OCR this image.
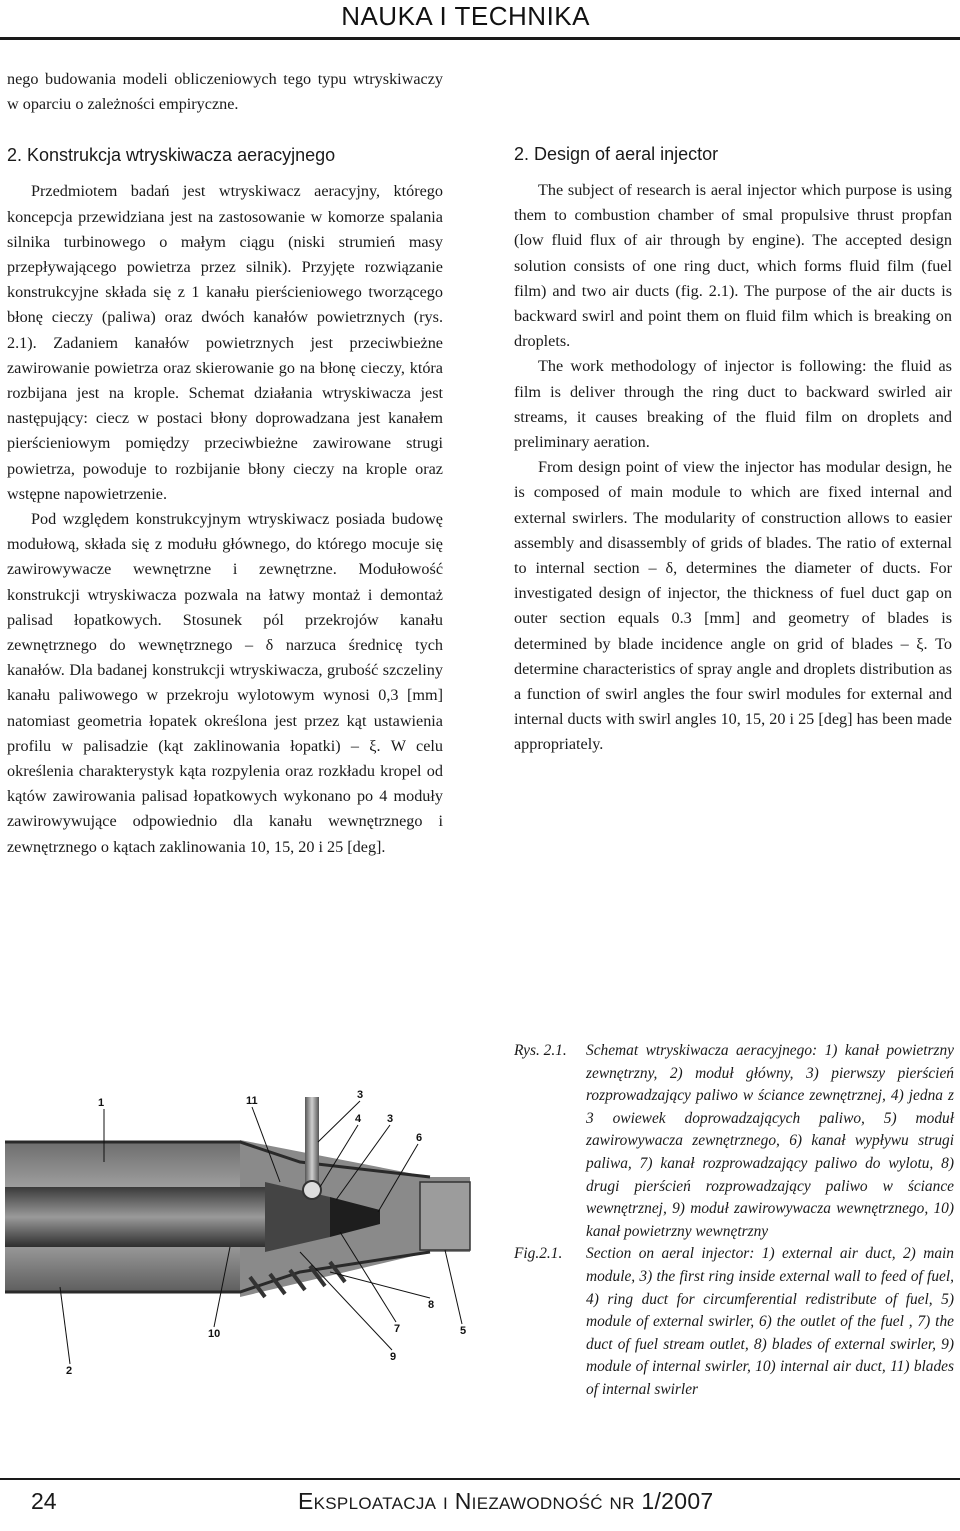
NAUKA I TECHNIKA

nego budowania modeli obliczeniowych tego typu wtryskiwaczy w oparciu o zależności empiryczne.

2. Konstrukcja wtryskiwacza aeracyjnego

Przedmiotem badań jest wtryskiwacz aeracyjny, którego koncepcja przewidziana jest na zastosowanie w komorze spalania silnika turbinowego o małym ciągu (niski strumień masy przepływającego powietrza przez silnik). Przyjęte rozwiązanie konstrukcyjne składa się z 1 kanału pierścieniowego tworzącego błonę cieczy (paliwa) oraz dwóch kanałów powietrznych (rys. 2.1). Zadaniem kanałów powietrznych jest przeciwbieżne zawirowanie powietrza oraz skierowanie go na błonę cieczy, która rozbijana jest na krople. Schemat działania wtryskiwacza jest następujący: ciecz w postaci błony doprowadzana jest kanałem pierścieniowym pomiędzy przeciwbieżne zawirowane strugi powietrza, powoduje to rozbijanie błony cieczy na krople oraz wstępne napowietrzenie.

Pod względem konstrukcyjnym wtryskiwacz posiada budowę modułową, składa się z modułu głównego, do którego mocuje się zawirowywacze wewnętrzne i zewnętrzne. Modułowość konstrukcji wtryskiwacza pozwala na łatwy montaż i demontaż palisad łopatkowych. Stosunek pól przekrojów kanału zewnętrznego do wewnętrznego – δ narzuca średnicę tych kanałów. Dla badanej konstrukcji wtryskiwacza, grubość szczeliny kanału paliwowego w przekroju wylotowym wynosi 0,3 [mm] natomiast geometria łopatek określona jest przez kąt ustawienia profilu w palisadzie (kąt zaklinowania łopatki) – ξ. W celu określenia charakterystyk kąta rozpylenia oraz rozkładu kropel od kątów zawirowania palisad łopatkowych wykonano po 4 moduły zawirowywujące odpowiednio dla kanału wewnętrznego i zewnętrznego o kątach zaklinowania 10, 15, 20 i 25 [deg].

2. Design of aeral injector

The subject of research is aeral injector which purpose is using them to combustion chamber of smal propulsive thrust propfan (low fluid flux of air through by engine). The accepted design solution consists of one ring duct, which forms fluid film (fuel film) and two air ducts (fig. 2.1). The purpose of the air ducts is backward swirl and point them on fluid film which is breaking on droplets.

The work methodology of injector is following: the fluid as film is deliver through the ring duct to backward swirled air streams, it causes breaking of the fluid film on droplets and preliminary aeration.

From design point of view the injector has modular design, he is composed of main module to which are fixed internal and external swirlers. The modularity of construction allows to easier assembly and disassembly of grids of blades. The ratio of external to internal section – δ, determines the diameter of ducts. For investigated design of injector, the thickness of fuel duct gap on outer section equals 0.3 [mm] and geometry of blades is determined by blade incidence angle on grid of blades – ξ. To determine characteristics of spray angle and droplets distribution as a function of swirl angles the four swirl modules for external and internal ducts with swirl angles 10, 15, 20 i 25 [deg] has been made appropriately.

1	11	3
4 3
6
2
10	7
9
8
5
Rys. 2.1.	Schemat wtryskiwacza aeracyjnego: 1) kanał powietrzny zewnętrzny, 2) moduł główny, 3) pierwszy pierścień rozprowadzający paliwo w ściance zewnętrznej, 4) jedna z 3 owiewek doprowadzających paliwo, 5) moduł zawirowywacza zewnętrznego, 6) kanał wypływu strugi paliwa, 7) kanał rozprowadzający paliwo do wylotu, 8) drugi pierścień rozprowadzający paliwo w ściance wewnętrznej, 9) moduł zawirowywacza wewnętrznego, 10) kanał powietrzny wewnętrzny
Fig.2.1.	Section on aeral injector: 1) external air duct, 2) main module, 3) the first ring inside external wall to feed of fuel, 4) ring duct for circumferential redistribute of fuel, 5) module of external swirler, 6) the outlet of the fuel , 7) the duct of fuel stream outlet, 8) blades of external swirler, 9) module of internal swirler, 10) internal air duct, 11) blades of internal swirler
24	EKSPLOATACJA I NIEZAWODNOŚĆ NR 1/2007
